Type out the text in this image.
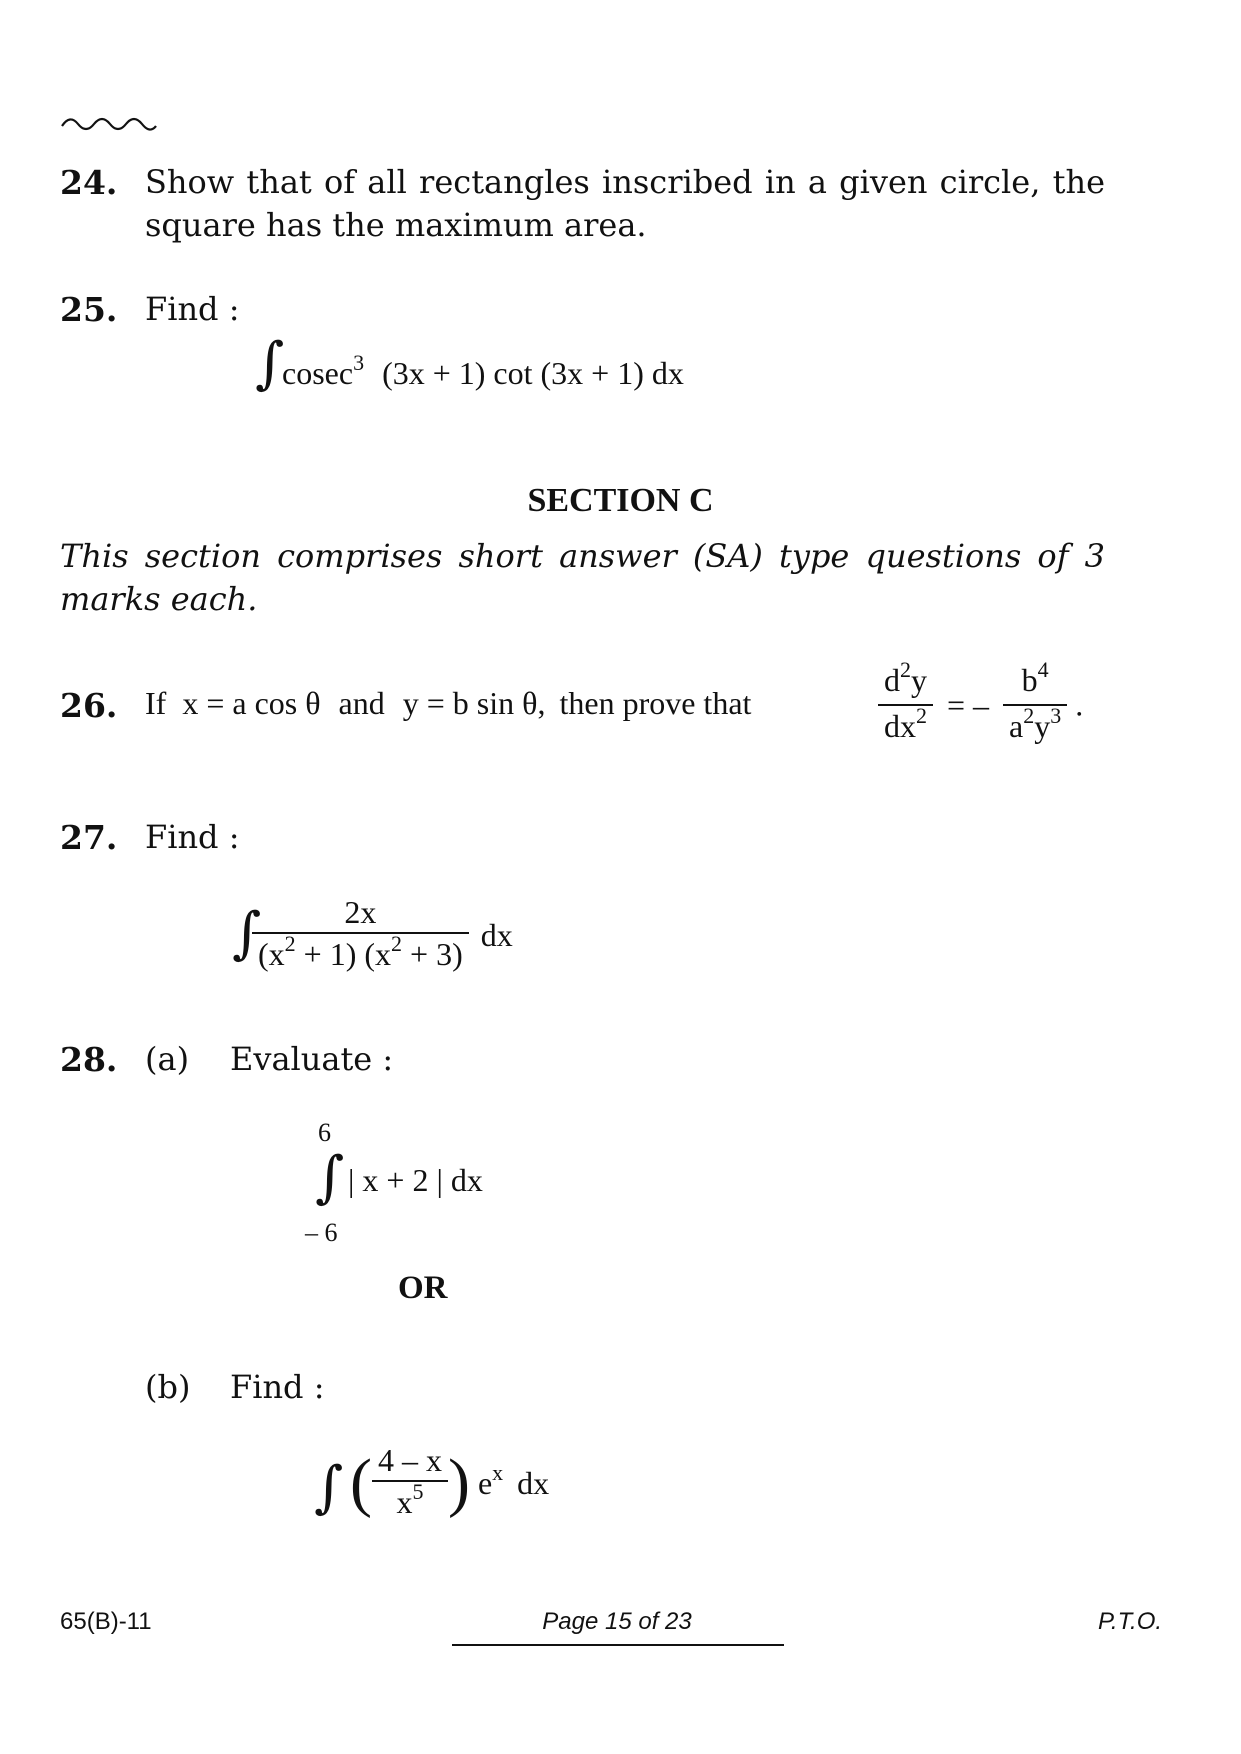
24. Show that of all rectangles inscribed in a given circle, the square has the maximum area.
25. Find :
∫
cosec$^3$ (3x + 1) cot (3x + 1) dx
SECTION C
This section comprises short answer (SA) type questions of 3 marks each.
26. If x = a cos θ and y = b sin θ, then prove that	$\frac{d^2y}{dx^2}$ = – $\frac{b^4}{a^2y^3}$ .
27. Find :
∫
$\frac{2x}{(x^2 + 1) (x^2 + 3)}$ dx
28. (a) Evaluate :
6
∫ | x + 2 | dx
– 6
OR
(b) Find :
∫ ( $\frac{4 - x}{x^5}$ ) $e^x$ dx
65(B)-11	Page 15 of 23	P.T.O.
